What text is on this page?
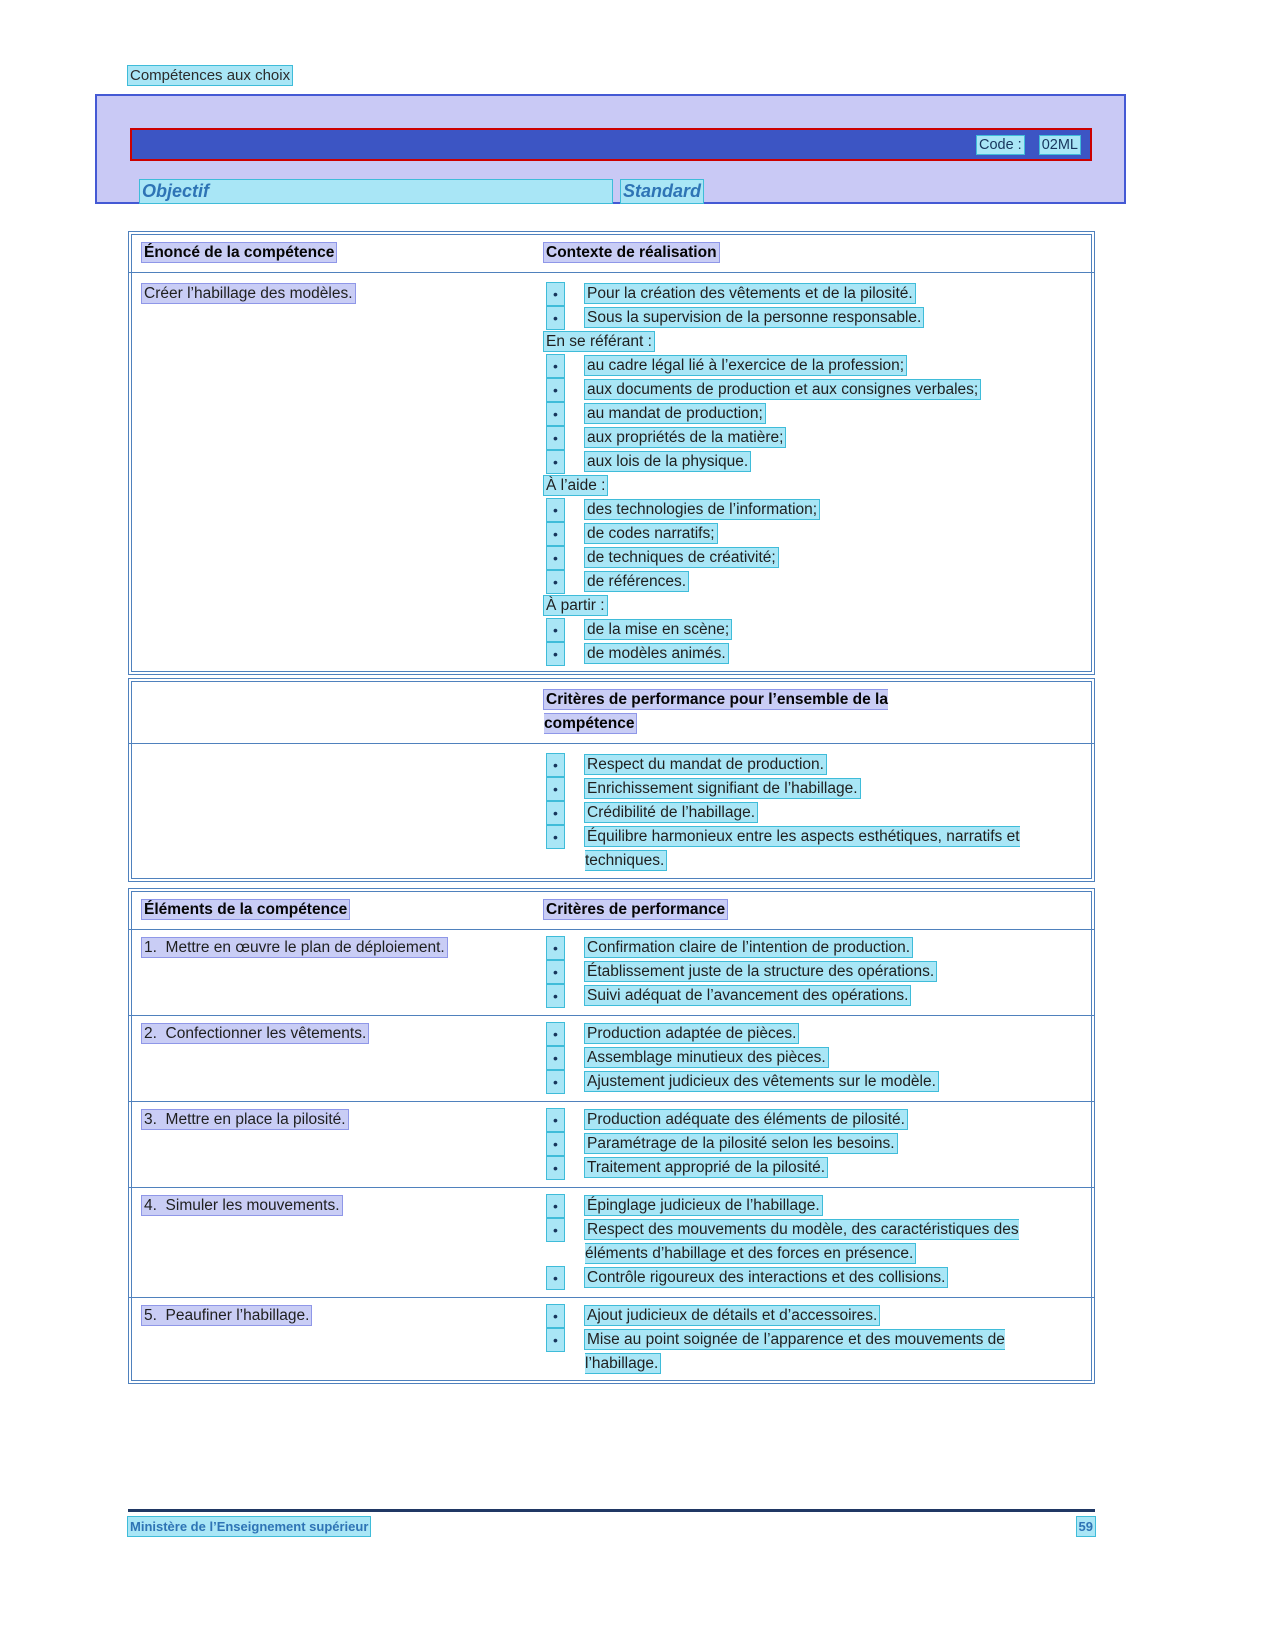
Compétences aux choix
Code : 02ML
Objectif	Standard
Énoncé de la compétence	Contexte de réalisation
Créer l’habillage des modèles.	•	Pour la création des vêtements et de la pilosité.
•	Sous la supervision de la personne responsable.
En se référant :
•	au cadre légal lié à l’exercice de la profession;
•	aux documents de production et aux consignes verbales;
•	au mandat de production;
•	aux propriétés de la matière;
•	aux lois de la physique.
À l’aide :
•	des technologies de l’information;
•	de codes narratifs;
•	de techniques de créativité;
•	de références.
À partir :
•	de la mise en scène;
•	de modèles animés.
Critères de performance pour l’ensemble de la compétence
•	Respect du mandat de production.
•	Enrichissement signifiant de l’habillage.
•	Crédibilité de l’habillage.
•	Équilibre harmonieux entre les aspects esthétiques, narratifs et techniques.
Éléments de la compétence	Critères de performance
1.  Mettre en œuvre le plan de déploiement.	•	Confirmation claire de l’intention de production.
•	Établissement juste de la structure des opérations.
•	Suivi adéquat de l’avancement des opérations.
2.  Confectionner les vêtements.	•	Production adaptée de pièces.
•	Assemblage minutieux des pièces.
•	Ajustement judicieux des vêtements sur le modèle.
3.  Mettre en place la pilosité.	•	Production adéquate des éléments de pilosité.
•	Paramétrage de la pilosité selon les besoins.
•	Traitement approprié de la pilosité.
4.  Simuler les mouvements.	•	Épinglage judicieux de l’habillage.
•	Respect des mouvements du modèle, des caractéristiques des éléments d’habillage et des forces en présence.
•	Contrôle rigoureux des interactions et des collisions.
5.  Peaufiner l’habillage.	•	Ajout judicieux de détails et d’accessoires.
•	Mise au point soignée de l’apparence et des mouvements de l’habillage.
Ministère de l’Enseignement supérieur	59
